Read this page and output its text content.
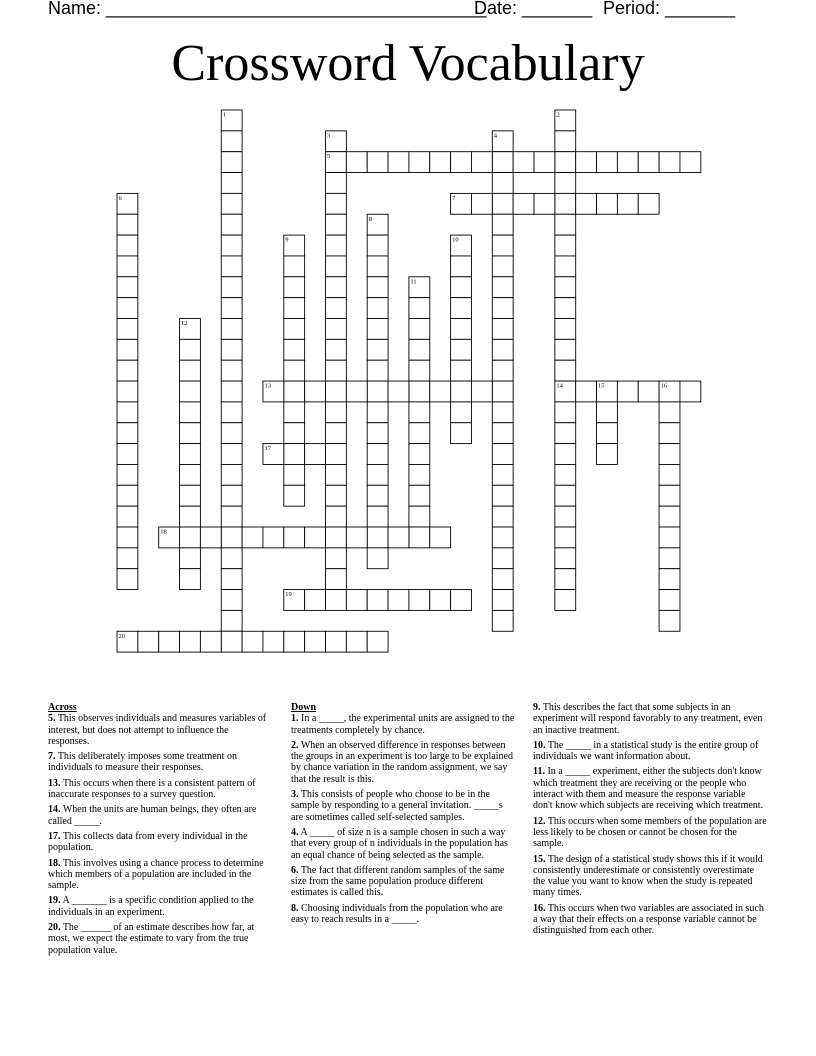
Name: ______________________________________
Date: _______ Period: _______
Crossword Vocabulary
1	2
3	4
5
6	7
8
9	10
11
12
13	14	15	16
17
18
19
20

Across

5. This observes individuals and measures variables of interest, but does not attempt to influence the responses.

7. This deliberately imposes some treatment on individuals to measure their responses.

13. This occurs when there is a consistent pattern of inaccurate responses to a survey question.

14. When the units are human beings, they often are called _____.

17. This collects data from every individual in the population.

18. This involves using a chance process to determine which members of a population are included in the sample.

19. A _______ is a specific condition applied to the individuals in an experiment.

20. The ______ of an estimate describes how far, at most, we expect the estimate to vary from the true population value.

Down

1. In a _____, the experimental units are assigned to the treatments completely by chance.

2. When an observed difference in responses between the groups in an experiment is too large to be explained by chance variation in the random assignment, we say that the result is this.

3. This consists of people who choose to be in the sample by responding to a general invitation. _____s are sometimes called self-selected samples.

4. A _____ of size n is a sample chosen in such a way that every group of n individuals in the population has an equal chance of being selected as the sample.

6. The fact that different random samples of the same size from the same population produce different estimates is called this.

8. Choosing individuals from the population who are easy to reach results in a _____.

9. This describes the fact that some subjects in an experiment will respond favorably to any treatment, even an inactive treatment.

10. The _____ in a statistical study is the entire group of individuals we want information about.

11. In a _____ experiment, either the subjects don't know which treatment they are receiving or the people who interact with them and measure the response variable don't know which subjects are receiving which treatment.

12. This occurs when some members of the population are less likely to be chosen or cannot be chosen for the sample.

15. The design of a statistical study shows this if it would consistently underestimate or consistently overestimate the value you want to know when the study is repeated many times.

16. This occurs when two variables are associated in such a way that their effects on a response variable cannot be distinguished from each other.
